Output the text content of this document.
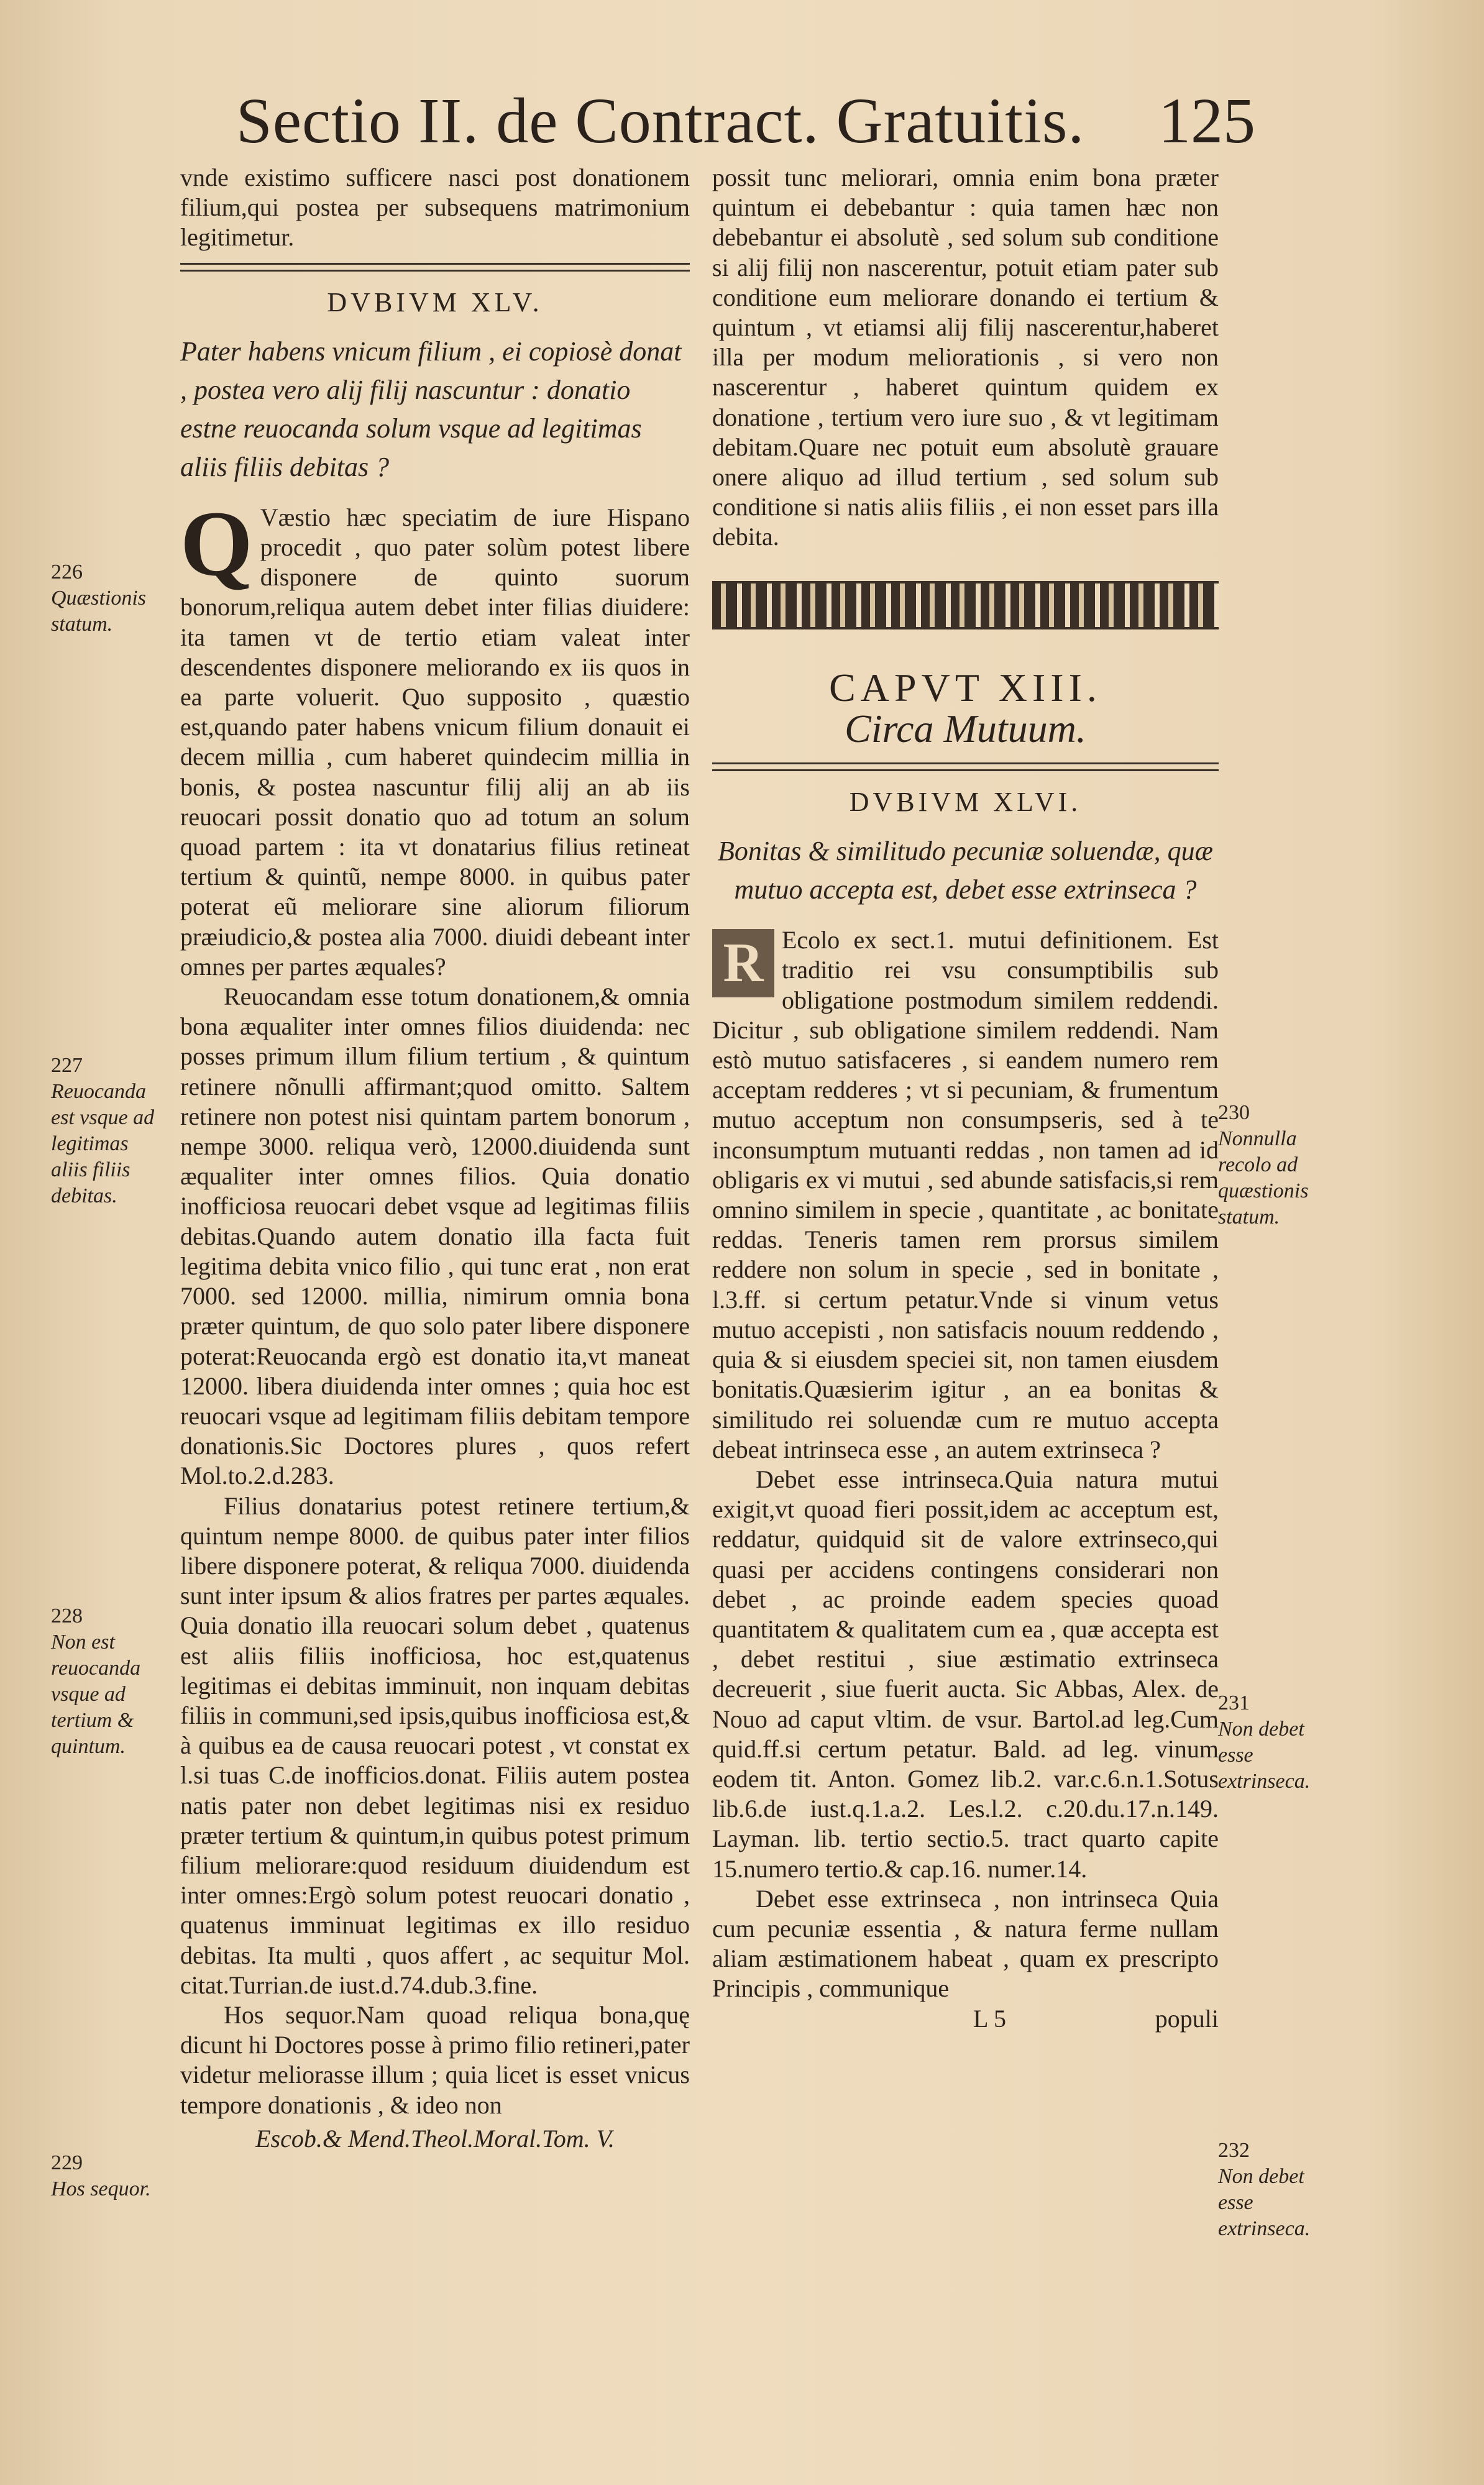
Sectio II. de Contract. Gratuitis. 125
226
Quæstionis statum.
227
Reuocanda est vsque ad legitimas aliis filiis debitas.
228
Non est reuocanda vsque ad tertium & quintum.
229
Hos sequor.

vnde existimo sufficere nasci post donationem filium,qui postea per subsequens matrimonium legitimetur.

DVBIVM XLV.

Pater habens vnicum filium , ei copiosè donat , postea vero alij filij nascuntur : donatio estne reuocanda solum vsque ad legitimas aliis filiis debitas ?

Q Væstio hæc speciatim de iure Hispano procedit , quo pater solùm potest libere disponere de quinto suorum bonorum,reliqua autem debet inter filias diuidere: ita tamen vt de tertio etiam valeat inter descendentes disponere meliorando ex iis quos in ea parte voluerit. Quo supposito , quæstio est,quando pater habens vnicum filium donauit ei decem millia , cum haberet quindecim millia in bonis, & postea nascuntur filij alij an ab iis reuocari possit donatio quo ad totum an solum quoad partem : ita vt donatarius filius retineat tertium & quintũ, nempe 8000. in quibus pater poterat eũ meliorare sine aliorum filiorum præiudicio,& postea alia 7000. diuidi debeant inter omnes per partes æquales?

Reuocandam esse totum donationem,& omnia bona æqualiter inter omnes filios diuidenda: nec posses primum illum filium tertium , & quintum retinere nõnulli affirmant;quod omitto. Saltem retinere non potest nisi quintam partem bonorum , nempe 3000. reliqua verò, 12000.diuidenda sunt æqualiter inter omnes filios. Quia donatio inofficiosa reuocari debet vsque ad legitimas filiis debitas.Quando autem donatio illa facta fuit legitima debita vnico filio , qui tunc erat , non erat 7000. sed 12000. millia, nimirum omnia bona præter quintum, de quo solo pater libere disponere poterat:Reuocanda ergò est donatio ita,vt maneat 12000. libera diuidenda inter omnes ; quia hoc est reuocari vsque ad legitimam filiis debitam tempore donationis.Sic Doctores plures , quos refert Mol.to.2.d.283.

Filius donatarius potest retinere tertium,& quintum nempe 8000. de quibus pater inter filios libere disponere poterat, & reliqua 7000. diuidenda sunt inter ipsum & alios fratres per partes æquales. Quia donatio illa reuocari solum debet , quatenus est aliis filiis inofficiosa, hoc est,quatenus legitimas ei debitas imminuit, non inquam debitas filiis in communi,sed ipsis,quibus inofficiosa est,& à quibus ea de causa reuocari potest , vt constat ex l.si tuas C.de inofficios.donat. Filiis autem postea natis pater non debet legitimas nisi ex residuo præter tertium & quintum,in quibus potest primum filium meliorare:quod residuum diuidendum est inter omnes:Ergò solum potest reuocari donatio , quatenus imminuat legitimas ex illo residuo debitas. Ita multi , quos affert , ac sequitur Mol. citat.Turrian.de iust.d.74.dub.3.fine.

Hos sequor.Nam quoad reliqua bona,quę dicunt hi Doctores posse à primo filio retineri,pater videtur meliorasse illum ; quia licet is esset vnicus tempore donationis , & ideo non

Escob.& Mend.Theol.Moral.Tom. V.

possit tunc meliorari, omnia enim bona præter quintum ei debebantur : quia tamen hæc non debebantur ei absolutè , sed solum sub conditione si alij filij non nascerentur, potuit etiam pater sub conditione eum meliorare donando ei tertium & quintum , vt etiamsi alij filij nascerentur,haberet illa per modum meliorationis , si vero non nascerentur , haberet quintum quidem ex donatione , tertium vero iure suo , & vt legitimam debitam.Quare nec potuit eum absolutè grauare onere aliquo ad illud tertium , sed solum sub conditione si natis aliis filiis , ei non esset pars illa debita.

CAPVT XIII.
Circa Mutuum.
DVBIVM XLVI.

Bonitas & similitudo pecuniæ soluendæ, quæ mutuo accepta est, debet esse extrinseca ?

R Ecolo ex sect.1. mutui definitionem. Est traditio rei vsu consumptibilis sub obligatione postmodum similem reddendi. Dicitur , sub obligatione similem reddendi. Nam estò mutuo satisfaceres , si eandem numero rem acceptam redderes ; vt si pecuniam, & frumentum mutuo acceptum non consumpseris, sed à te inconsumptum mutuanti reddas , non tamen ad id obligaris ex vi mutui , sed abunde satisfacis,si rem omnino similem in specie , quantitate , ac bonitate reddas. Teneris tamen rem prorsus similem reddere non solum in specie , sed in bonitate , l.3.ff. si certum petatur.Vnde si vinum vetus mutuo accepisti , non satisfacis nouum reddendo , quia & si eiusdem speciei sit, non tamen eiusdem bonitatis.Quæsierim igitur , an ea bonitas & similitudo rei soluendæ cum re mutuo accepta debeat intrinseca esse , an autem extrinseca ?

Debet esse intrinseca.Quia natura mutui exigit,vt quoad fieri possit,idem ac acceptum est, reddatur, quidquid sit de valore extrinseco,qui quasi per accidens contingens considerari non debet , ac proinde eadem species quoad quantitatem & qualitatem cum ea , quæ accepta est , debet restitui , siue æstimatio extrinseca decreuerit , siue fuerit aucta. Sic Abbas, Alex. de Nouo ad caput vltim. de vsur. Bartol.ad leg.Cum quid.ff.si certum petatur. Bald. ad leg. vinum eodem tit. Anton. Gomez lib.2. var.c.6.n.1.Sotus lib.6.de iust.q.1.a.2. Les.l.2. c.20.du.17.n.149. Layman. lib. tertio sectio.5. tract quarto capite 15.numero tertio.& cap.16. numer.14.

Debet esse extrinseca , non intrinseca Quia cum pecuniæ essentia , & natura ferme nullam aliam æstimationem habeat , quam ex prescripto Principis , communique

L 5	populi

230
Nonnulla recolo ad quæstionis statum.
231
Non debet esse extrinseca.
232
Non debet esse extrinseca.
